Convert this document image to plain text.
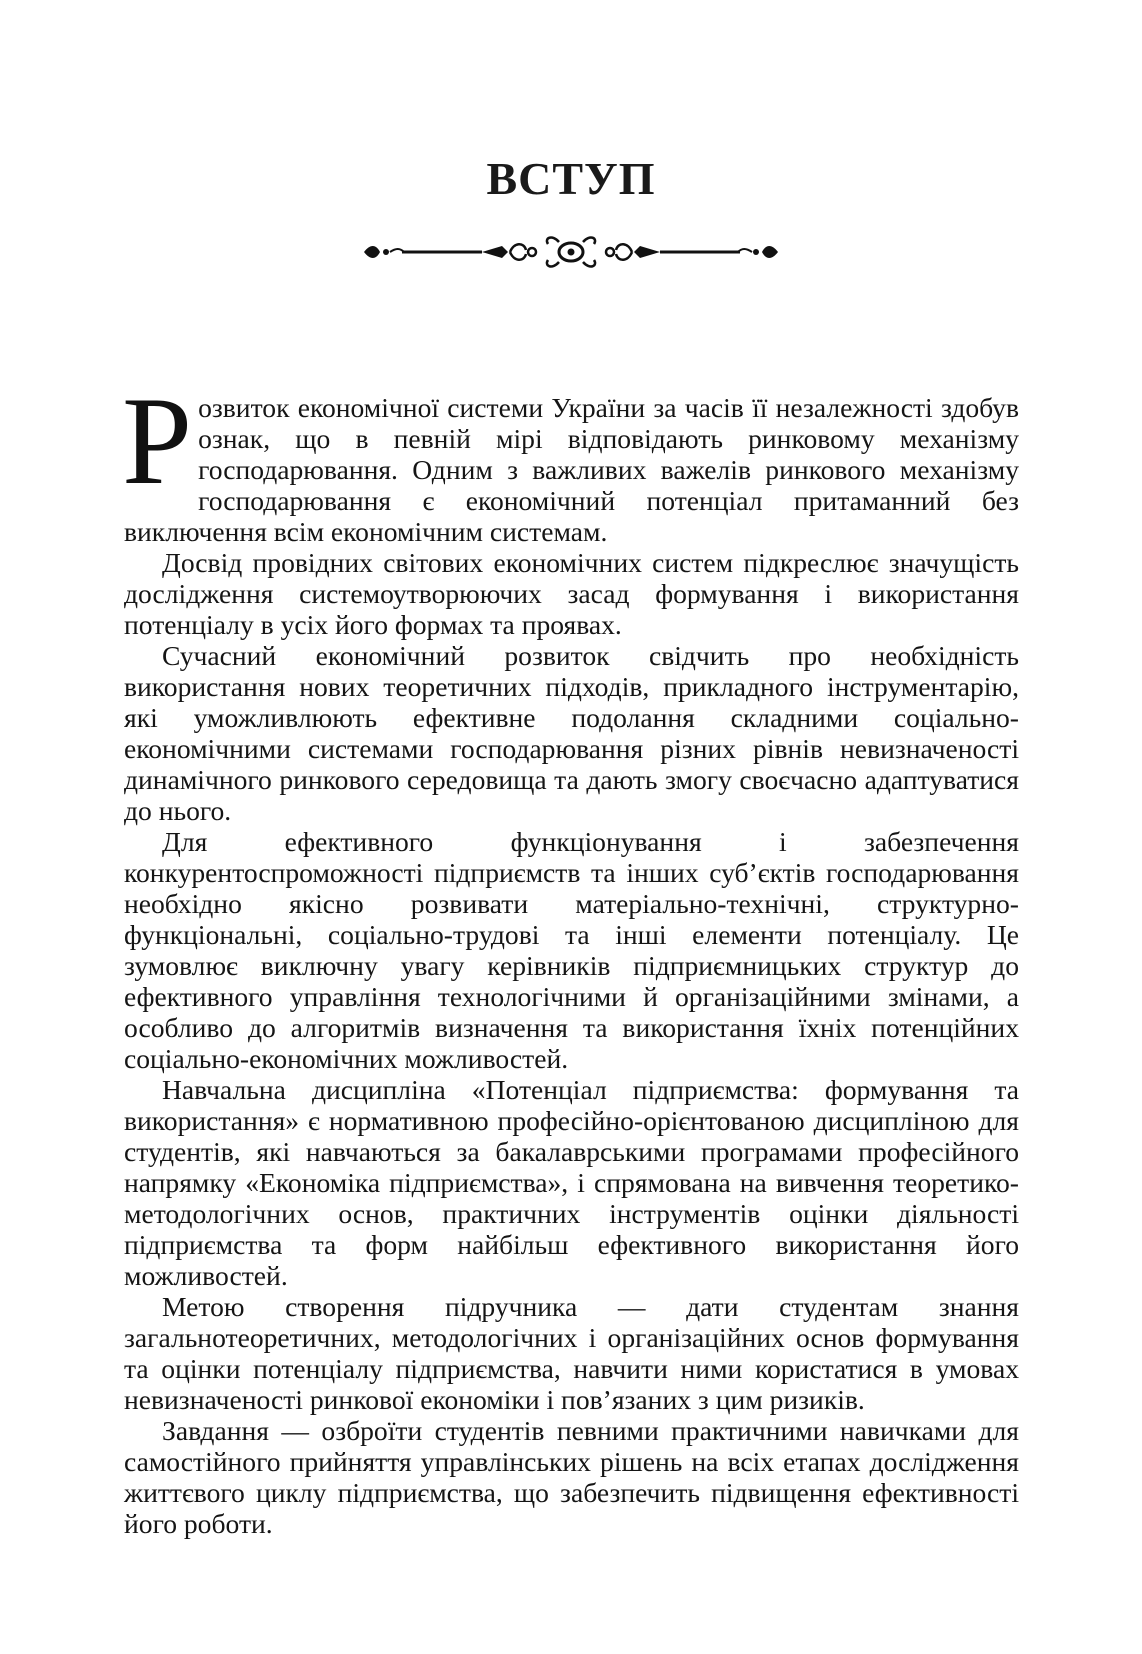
ВСТУП

Розвиток економічної системи України за часів її незалежності здобув ознак, що в певній мірі відповідають ринковому механізму господарювання. Одним з важливих важелів ринкового механізму господарювання є економічний потенціал притаманний без виключення всім економічним системам.

Досвід провідних світових економічних систем підкреслює значущість дослідження системоутворюючих засад формування і використання потенціалу в усіх його формах та проявах.

Сучасний економічний розвиток свідчить про необхідність використання нових теоретичних підходів, прикладного інструментарію, які уможливлюють ефективне подолання складними соціально-економічними системами господарювання різних рівнів невизначеності динамічного ринкового середовища та дають змогу своєчасно адаптуватися до нього.

Для ефективного функціонування і забезпечення конкурентоспроможності підприємств та інших суб’єктів господарювання необхідно якісно розвивати матеріально-технічні, структурно-функціональні, соціально-трудові та інші елементи потенціалу. Це зумовлює виключну увагу керівників підприємницьких структур до ефективного управління технологічними й організаційними змінами, а особливо до алгоритмів визначення та використання їхніх потенційних соціально-економічних можливостей.

Навчальна дисципліна «Потенціал підприємства: формування та використання» є нормативною професійно-орієнтованою дисципліною для студентів, які навчаються за бакалаврськими програмами професійного напрямку «Економіка підприємства», і спрямована на вивчення теоретико-методологічних основ, практичних інструментів оцінки діяльності підприємства та форм найбільш ефективного використання його можливостей.

Метою створення підручника — дати студентам знання загальнотеоретичних, методологічних і організаційних основ формування та оцінки потенціалу підприємства, навчити ними користатися в умовах невизначеності ринкової економіки і пов’язаних з цим ризиків.

Завдання — озброїти студентів певними практичними навичками для самостійного прийняття управлінських рішень на всіх етапах дослідження життєвого циклу підприємства, що забезпечить підвищення ефективності його роботи.
